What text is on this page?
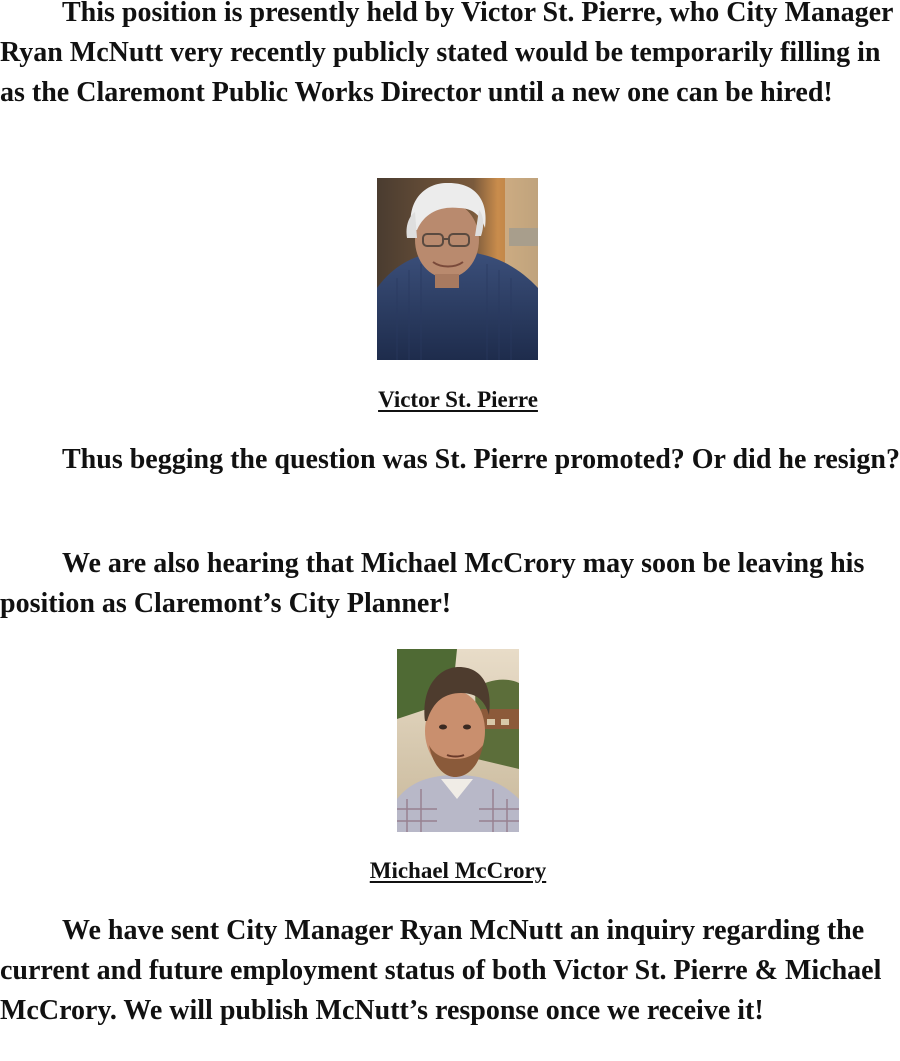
This position is presently held by Victor St. Pierre, who City Manager Ryan McNutt very recently publicly stated would be temporarily filling in as the Claremont Public Works Director until a new one can be hired!

Victor St. Pierre

Thus begging the question was St. Pierre promoted? Or did he resign?

We are also hearing that Michael McCrory may soon be leaving his position as Claremont’s City Planner!

Michael McCrory

We have sent City Manager Ryan McNutt an inquiry regarding the current and future employment status of both Victor St. Pierre & Michael McCrory. We will publish McNutt’s response once we receive it!
